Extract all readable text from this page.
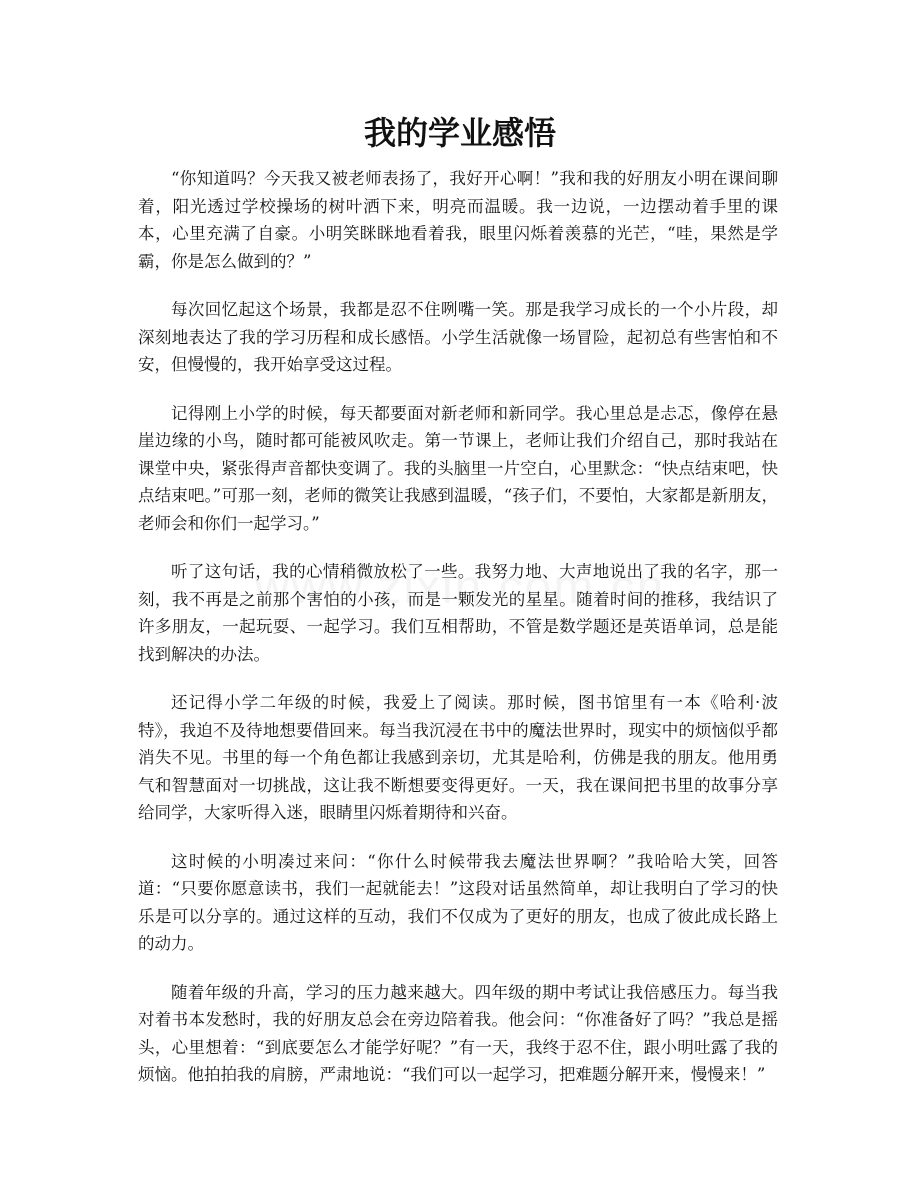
我的学业感悟

“你知道吗？今天我又被老师表扬了，我好开心啊！”我和我的好朋友小明在课间聊着，阳光透过学校操场的树叶洒下来，明亮而温暖。我一边说，一边摆动着手里的课本，心里充满了自豪。小明笑眯眯地看着我，眼里闪烁着羡慕的光芒，“哇，果然是学霸，你是怎么做到的？”

每次回忆起这个场景，我都是忍不住咧嘴一笑。那是我学习成长的一个小片段，却深刻地表达了我的学习历程和成长感悟。小学生活就像一场冒险，起初总有些害怕和不安，但慢慢的，我开始享受这过程。

记得刚上小学的时候，每天都要面对新老师和新同学。我心里总是忐忑，像停在悬崖边缘的小鸟，随时都可能被风吹走。第一节课上，老师让我们介绍自己，那时我站在课堂中央，紧张得声音都快变调了。我的头脑里一片空白，心里默念：“快点结束吧，快点结束吧。”可那一刻，老师的微笑让我感到温暖，“孩子们，不要怕，大家都是新朋友，老师会和你们一起学习。”

听了这句话，我的心情稍微放松了一些。我努力地、大声地说出了我的名字，那一刻，我不再是之前那个害怕的小孩，而是一颗发光的星星。随着时间的推移，我结识了许多朋友，一起玩耍、一起学习。我们互相帮助，不管是数学题还是英语单词，总是能找到解决的办法。

还记得小学二年级的时候，我爱上了阅读。那时候，图书馆里有一本《哈利·波特》，我迫不及待地想要借回来。每当我沉浸在书中的魔法世界时，现实中的烦恼似乎都消失不见。书里的每一个角色都让我感到亲切，尤其是哈利，仿佛是我的朋友。他用勇气和智慧面对一切挑战，这让我不断想要变得更好。一天，我在课间把书里的故事分享给同学，大家听得入迷，眼睛里闪烁着期待和兴奋。

这时候的小明凑过来问：“你什么时候带我去魔法世界啊？”我哈哈大笑，回答道：“只要你愿意读书，我们一起就能去！”这段对话虽然简单，却让我明白了学习的快乐是可以分享的。通过这样的互动，我们不仅成为了更好的朋友，也成了彼此成长路上的动力。

随着年级的升高，学习的压力越来越大。四年级的期中考试让我倍感压力。每当我对着书本发愁时，我的好朋友总会在旁边陪着我。他会问：“你准备好了吗？”我总是摇头，心里想着：“到底要怎么才能学好呢？”有一天，我终于忍不住，跟小明吐露了我的烦恼。他拍拍我的肩膀，严肃地说：“我们可以一起学习，把难题分解开来，慢慢来！”
